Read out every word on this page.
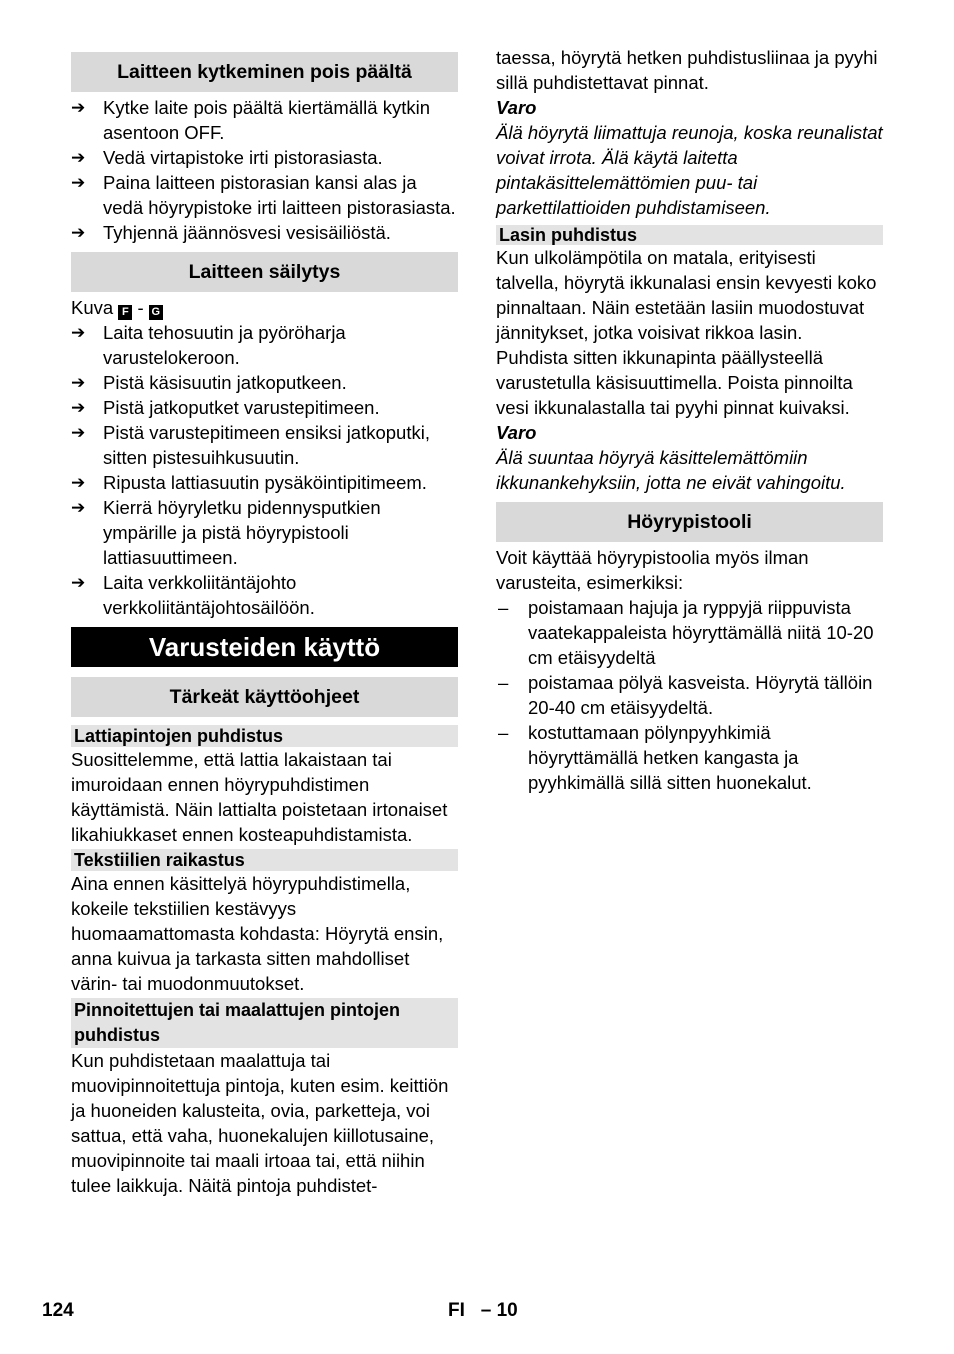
Laitteen kytkeminen pois päältä
➔ Kytke laite pois päältä kiertämällä kytkin asentoon OFF.
➔ Vedä virtapistoke irti pistorasiasta.
➔ Paina laitteen pistorasian kansi alas ja vedä höyrypistoke irti laitteen pistorasiasta.
➔ Tyhjennä jäännösvesi vesisäiliöstä.
Laitteen säilytys
Kuva F - G
➔ Laita tehosuutin ja pyöröharja varustelokeroon.
➔ Pistä käsisuutin jatkoputkeen.
➔ Pistä jatkoputket varustepitimeen.
➔ Pistä varustepitimeen ensiksi jatkoputki, sitten pistesuihkusuutin.
➔ Ripusta lattiasuutin pysäköintipitimeem.
➔ Kierrä höyryletku pidennysputkien ympärille ja pistä höyrypistooli lattiasuuttimeen.
➔ Laita verkkoliitäntäjohto verkkoliitäntäjohtosäilöön.
Varusteiden käyttö
Tärkeät käyttöohjeet
Lattiapintojen puhdistus
Suosittelemme, että lattia lakaistaan tai imuroidaan ennen höyrypuhdistimen käyttämistä. Näin lattialta poistetaan irtonaiset likahiukkaset ennen kosteapuhdistamista.
Tekstiilien raikastus
Aina ennen käsittelyä höyrypuhdistimella, kokeile tekstiilien kestävyys huomaamattomasta kohdasta: Höyrytä ensin, anna kuivua ja tarkasta sitten mahdolliset värin- tai muodonmuutokset.
Pinnoitettujen tai maalattujen pintojen puhdistus
Kun puhdistetaan maalattuja tai muovipinnoitettuja pintoja, kuten esim. keittiön ja huoneiden kalusteita, ovia, parketteja, voi sattua, että vaha, huonekalujen kiillotusaine, muovipinnoite tai maali irtoaa tai, että niihin tulee laikkuja. Näitä pintoja puhdistet-
taessa, höyrytä hetken puhdistusliinaa ja pyyhi sillä puhdistettavat pinnat.
Varo
Älä höyrytä liimattuja reunoja, koska reunalistat voivat irrota. Älä käytä laitetta pintakäsittelemättömien puu- tai parkettilattioiden puhdistamiseen.
Lasin puhdistus
Kun ulkolämpötila on matala, erityisesti talvella, höyrytä ikkunalasi ensin kevyesti koko pinnaltaan. Näin estetään lasiin muodostuvat jännitykset, jotka voisivat rikkoa lasin.
Puhdista sitten ikkunapinta päällysteellä varustetulla käsisuuttimella. Poista pinnoilta vesi ikkunalastalla tai pyyhi pinnat kuivaksi.
Varo
Älä suuntaa höyryä käsittelemättömiin ikkunankehyksiin, jotta ne eivät vahingoitu.
Höyrypistooli
Voit käyttää höyrypistoolia myös ilman varusteita, esimerkiksi:
–	poistamaan hajuja ja ryppyjä riippuvista vaatekappaleista höyryttämällä niitä 10-20 cm etäisyydeltä
–	poistamaa pölyä kasveista. Höyrytä tällöin 20-40 cm etäisyydeltä.
–	kostuttamaan pölynpyyhkimiä höyryttämällä hetken kangasta ja pyyhkimällä sillä sitten huonekalut.
124	FI   – 10
